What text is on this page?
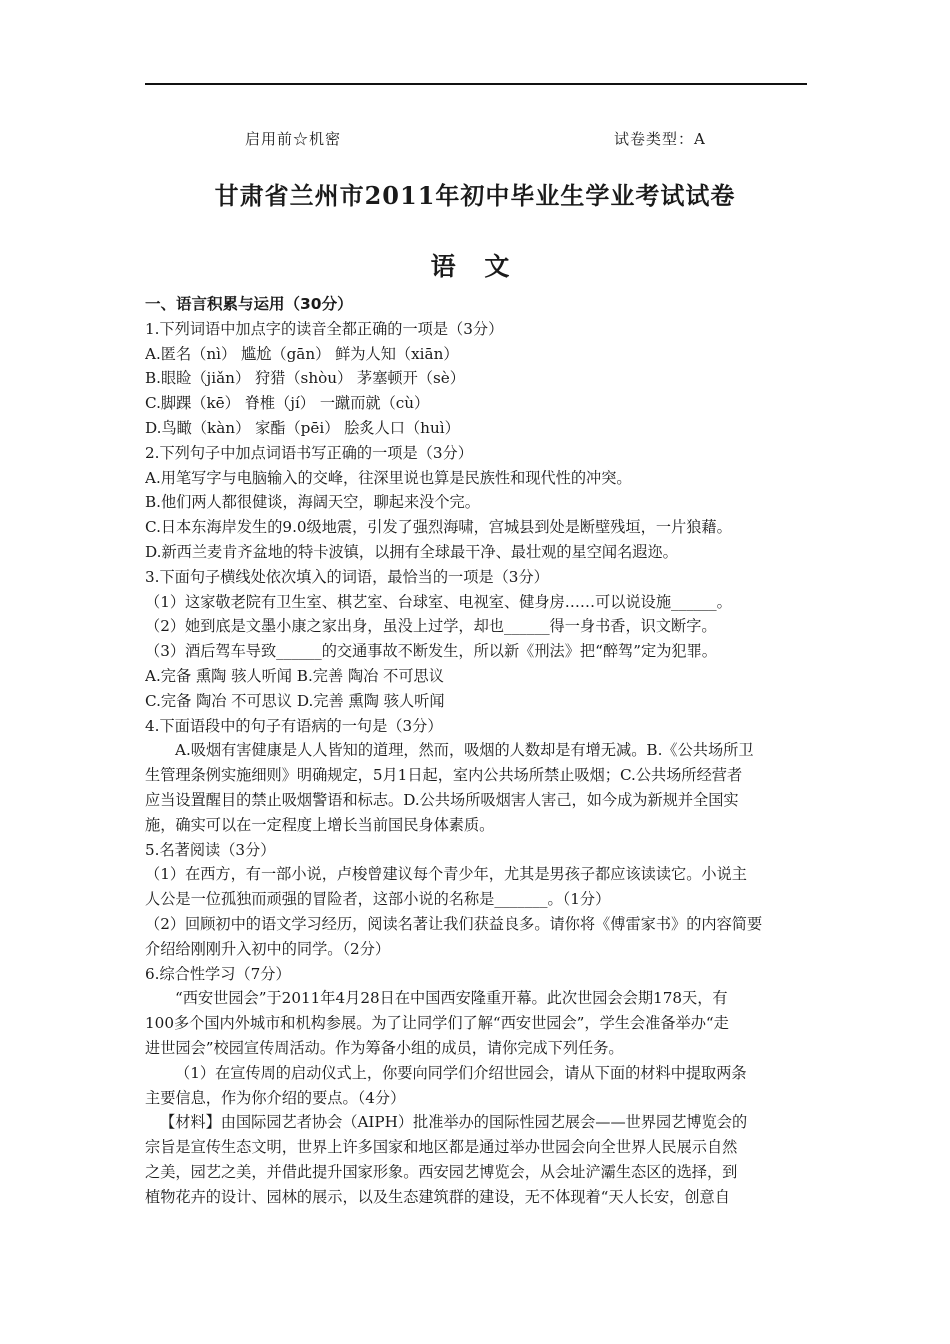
启用前☆机密	试卷类型：A
甘肃省兰州市2011年初中毕业生学业考试试卷
语 文
一、语言积累与运用（30分）
1.下列词语中加点字的读音全都正确的一项是（3分）
A.匿名（nì） 尴尬（gān） 鲜为人知（xiān）
B.眼睑（jiǎn） 狩猎（shòu） 茅塞顿开（sè）
C.脚踝（kē） 脊椎（jí） 一蹴而就（cù）
D.鸟瞰（kàn） 家酯（pēi） 脍炙人口（huì）
2.下列句子中加点词语书写正确的一项是（3分）
A.用笔写字与电脑输入的交峰，往深里说也算是民族性和现代性的冲突。
B.他们两人都很健谈，海阔天空，聊起来没个完。
C.日本东海岸发生的9.0级地震，引发了强烈海啸，宫城县到处是断壁残垣，一片狼藉。
D.新西兰麦肯齐盆地的特卡波镇，以拥有全球最干净、最壮观的星空闻名遐迩。
3.下面句子横线处依次填入的词语，最恰当的一项是（3分）
（1）这家敬老院有卫生室、棋艺室、台球室、电视室、健身房……可以说设施______。
（2）她到底是文墨小康之家出身，虽没上过学，却也______得一身书香，识文断字。
（3）酒后驾车导致______的交通事故不断发生，所以新《刑法》把“醉驾”定为犯罪。
A.完备 熏陶 骇人听闻 B.完善 陶冶 不可思议
C.完备 陶冶 不可思议 D.完善 熏陶 骇人听闻
4.下面语段中的句子有语病的一句是（3分）
A.吸烟有害健康是人人皆知的道理，然而，吸烟的人数却是有增无减。B.《公共场所卫
生管理条例实施细则》明确规定，5月1日起，室内公共场所禁止吸烟；C.公共场所经营者
应当设置醒目的禁止吸烟警语和标志。D.公共场所吸烟害人害己，如今成为新规并全国实
施，确实可以在一定程度上增长当前国民身体素质。
5.名著阅读（3分）
（1）在西方，有一部小说，卢梭曾建议每个青少年，尤其是男孩子都应该读读它。小说主
人公是一位孤独而顽强的冒险者，这部小说的名称是_______。（1分）
（2）回顾初中的语文学习经历，阅读名著让我们获益良多。请你将《傅雷家书》的内容简要
介绍给刚刚升入初中的同学。（2分）
6.综合性学习（7分）
“西安世园会”于2011年4月28日在中国西安隆重开幕。此次世园会会期178天，有
100多个国内外城市和机构参展。为了让同学们了解“西安世园会”，学生会准备举办“走
进世园会”校园宣传周活动。作为筹备小组的成员，请你完成下列任务。
（1）在宣传周的启动仪式上，你要向同学们介绍世园会，请从下面的材料中提取两条
主要信息，作为你介绍的要点。（4分）
【材料】由国际园艺者协会（AIPH）批准举办的国际性园艺展会——世界园艺博览会的
宗旨是宣传生态文明，世界上许多国家和地区都是通过举办世园会向全世界人民展示自然
之美，园艺之美，并借此提升国家形象。西安园艺博览会，从会址浐灞生态区的选择，到
植物花卉的设计、园林的展示，以及生态建筑群的建设，无不体现着“天人长安，创意自
